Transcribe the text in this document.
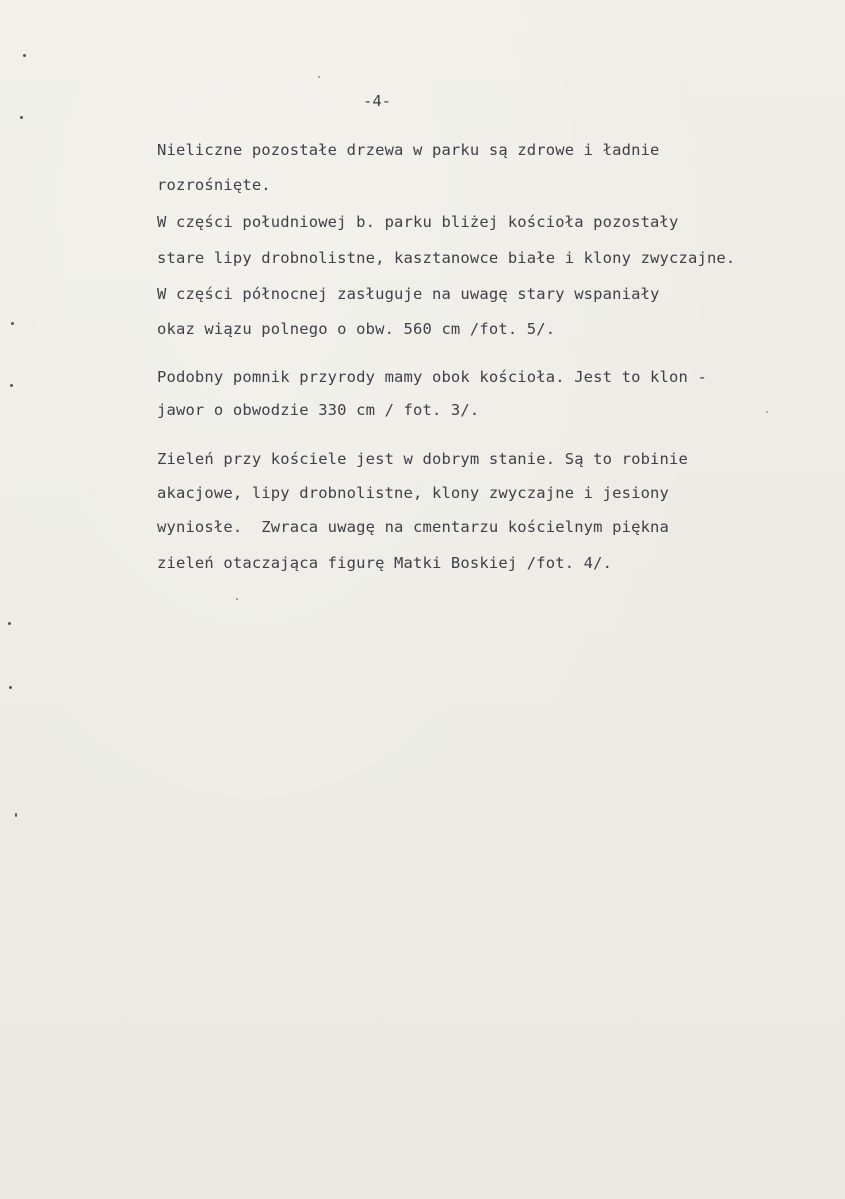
-4-
Nieliczne pozostałe drzewa w parku są zdrowe i ładnie
rozrośnięte.
W części południowej b. parku bliżej kościoła pozostały
stare lipy drobnolistne, kasztanowce białe i klony zwyczajne.
W części północnej zasługuje na uwagę stary wspaniały
okaz wiązu polnego o obw. 560 cm /fot. 5/.
Podobny pomnik przyrody mamy obok kościoła. Jest to klon -
jawor o obwodzie 330 cm / fot. 3/.
Zieleń przy kościele jest w dobrym stanie. Są to robinie
akacjowe, lipy drobnolistne, klony zwyczajne i jesiony
wyniosłe.  Zwraca uwagę na cmentarzu kościelnym piękna
zieleń otaczająca figurę Matki Boskiej /fot. 4/.
